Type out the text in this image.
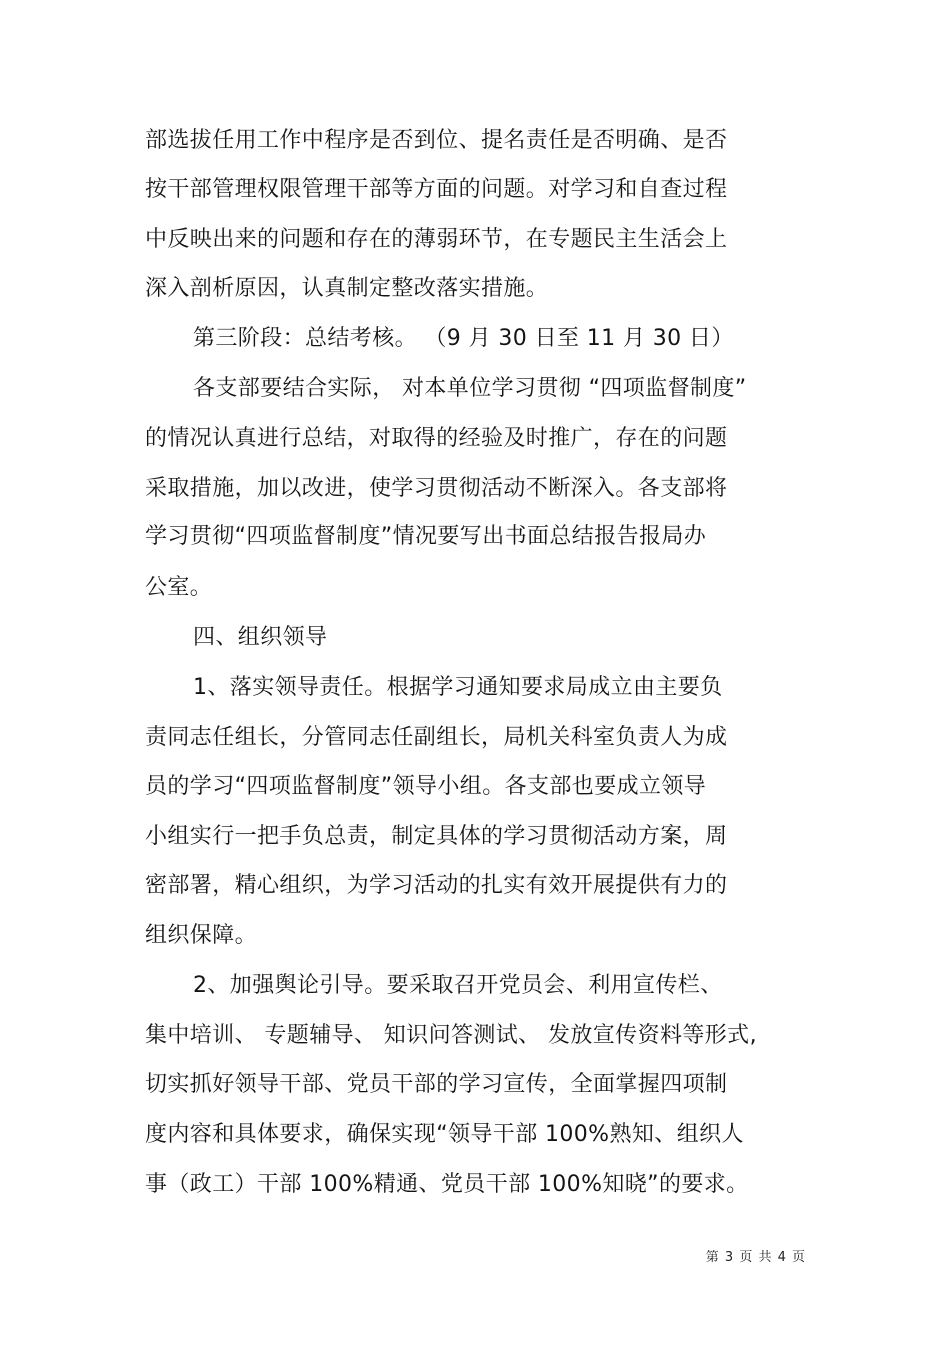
部选拔任用工作中程序是否到位、提名责任是否明确、是否
按干部管理权限管理干部等方面的问题。对学习和自查过程
中反映出来的问题和存在的薄弱环节，在专题民主生活会上
深入剖析原因，认真制定整改落实措施。
第三阶段：总结考核。 （9 月 30 日至 11 月 30 日）
各支部要结合实际， 对本单位学习贯彻 “四项监督制度”
的情况认真进行总结，对取得的经验及时推广，存在的问题
采取措施，加以改进，使学习贯彻活动不断深入。各支部将
学习贯彻“四项监督制度”情况要写出书面总结报告报局办
公室。
四、组织领导
1、落实领导责任。根据学习通知要求局成立由主要负
责同志任组长，分管同志任副组长，局机关科室负责人为成
员的学习“四项监督制度”领导小组。各支部也要成立领导
小组实行一把手负总责，制定具体的学习贯彻活动方案，周
密部署，精心组织，为学习活动的扎实有效开展提供有力的
组织保障。
2、加强舆论引导。要采取召开党员会、利用宣传栏、
集中培训、 专题辅导、 知识问答测试、 发放宣传资料等形式,
切实抓好领导干部、党员干部的学习宣传，全面掌握四项制
度内容和具体要求，确保实现“领导干部 100%熟知、组织人
事（政工）干部 100%精通、党员干部 100%知晓”的要求。
第 3 页 共 4 页
